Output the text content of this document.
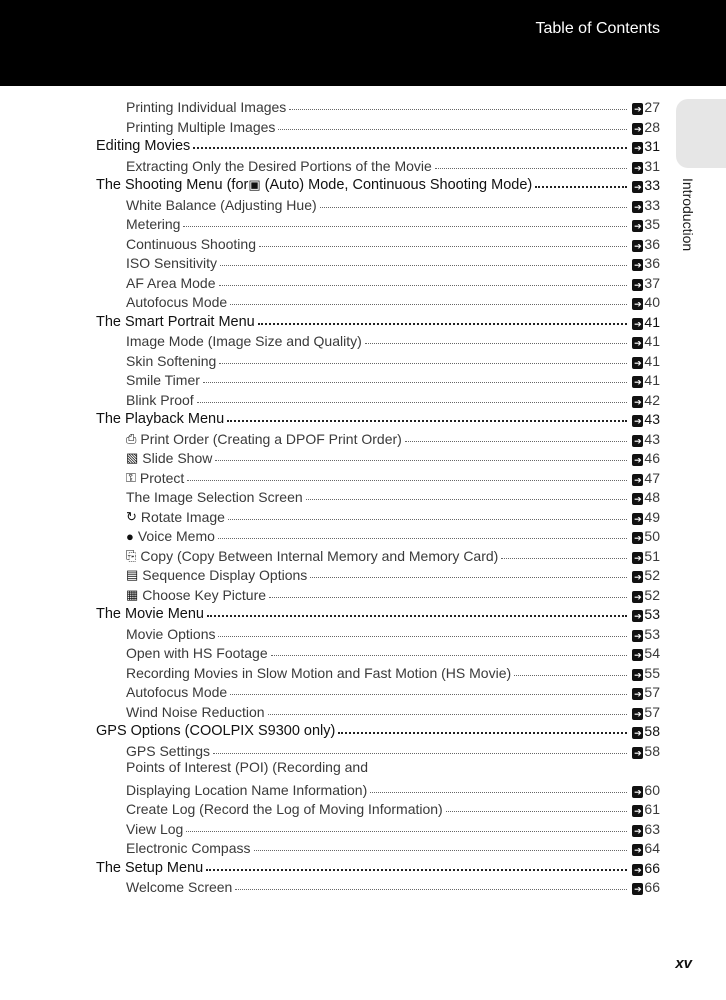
Table of Contents
Introduction
Printing Individual Images	➔ 27
Printing Multiple Images	➔ 28
Editing Movies	➔ 31
Extracting Only the Desired Portions of the Movie	➔ 31
The Shooting Menu (for ▣ (Auto) Mode, Continuous Shooting Mode)	➔ 33
White Balance (Adjusting Hue)	➔ 33
Metering	➔ 35
Continuous Shooting	➔ 36
ISO Sensitivity	➔ 36
AF Area Mode	➔ 37
Autofocus Mode	➔ 40
The Smart Portrait Menu	➔ 41
Image Mode (Image Size and Quality)	➔ 41
Skin Softening	➔ 41
Smile Timer	➔ 41
Blink Proof	➔ 42
The Playback Menu	➔ 43
⎙ Print Order (Creating a DPOF Print Order)	➔ 43
▧ Slide Show	➔ 46
⚿ Protect	➔ 47
The Image Selection Screen	➔ 48
↻ Rotate Image	➔ 49
● Voice Memo	➔ 50
⎘ Copy (Copy Between Internal Memory and Memory Card)	➔ 51
▤ Sequence Display Options	➔ 52
▦ Choose Key Picture	➔ 52
The Movie Menu	➔ 53
Movie Options	➔ 53
Open with HS Footage	➔ 54
Recording Movies in Slow Motion and Fast Motion (HS Movie)	➔ 55
Autofocus Mode	➔ 57
Wind Noise Reduction	➔ 57
GPS Options (COOLPIX S9300 only)	➔ 58
GPS Settings	➔ 58
Points of Interest (POI) (Recording and
Displaying Location Name Information)	➔ 60
Create Log (Record the Log of Moving Information)	➔ 61
View Log	➔ 63
Electronic Compass	➔ 64
The Setup Menu	➔ 66
Welcome Screen	➔ 66
xv
